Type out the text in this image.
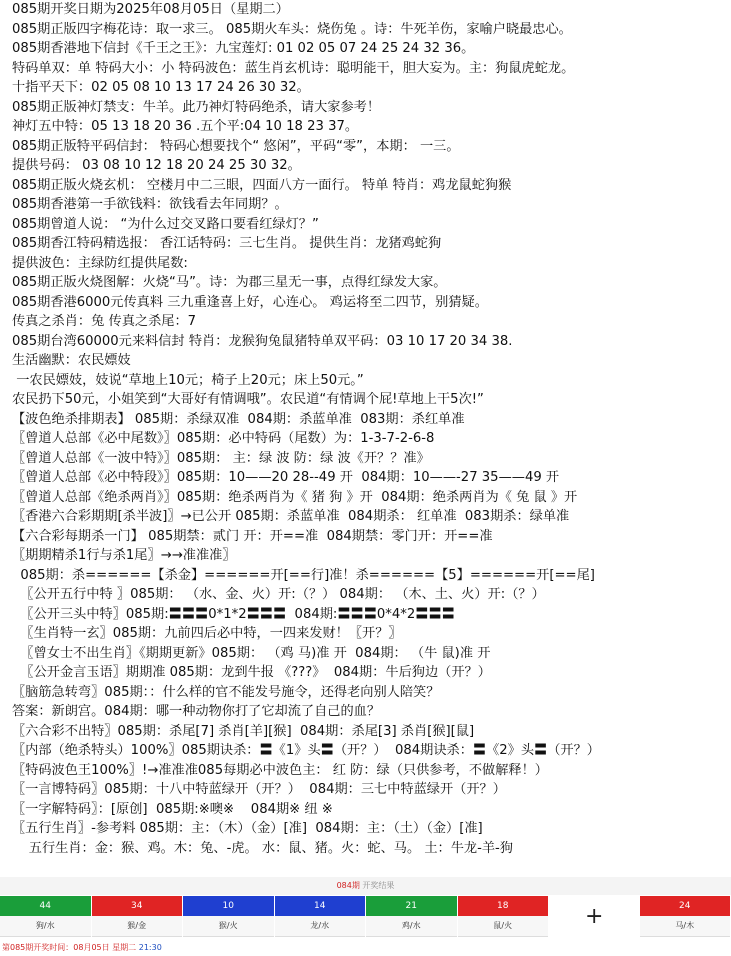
085期开奖日期为2025年08月05日（星期二）
085期正版四字梅花诗：取一求三。 085期火车头：烧伤兔 。诗：牛死羊伤，家喻户晓最忠心。
085期香港地下信封《千王之王》：九宝莲灯: 01 02 05 07 24 25 24 32 36。
特码单双：单 特码大小：小 特码波色：蓝生肖玄机诗：聪明能干，胆大妄为。主：狗鼠虎蛇龙。
十指平天下：02 05 08 10 13 17 24 26 30 32。
085期正版神灯禁支：牛羊。此乃神灯特码绝杀，请大家参考！
神灯五中特：05 13 18 20 36 .五个平:04 10 18 23 37。
085期正版特平码信封： 特码心想要找个“ 悠闲”，平码“零”，本期： 一三。
提供号码： 03 08 10 12 18 20 24 25 30 32。
085期正版火烧玄机： 空楼月中二三眼，四面八方一面行。 特单 特肖：鸡龙鼠蛇狗猴
085期香港第一手欲钱料：欲钱看去年同期？。
085期曾道人说： “为什么过交叉路口要看红绿灯？”
085期香江特码精选报： 香江话特码：三七生肖。 提供生肖：龙猪鸡蛇狗
提供波色：主绿防红提供尾数:
085期正版火烧图解：火烧“马”。诗：为郡三星无一事，点得红绿发大家。
085期香港6000元传真料 三九重逢喜上好，心连心。 鸡运将至二四节，别猜疑。
传真之杀肖：兔 传真之杀尾：7
085期台湾60000元来料信封 特肖：龙猴狗兔鼠猪特单双平码：03 10 17 20 34 38.
生活幽默：农民嫖妓
一农民嫖妓，妓说“草地上10元；椅子上20元；床上50元。”
农民扔下50元，小姐笑到“大哥好有情调哦”。农民道“有情调个屁!草地上干5次!”
【波色绝杀排期表】 085期：杀绿双准  084期：杀蓝单准  083期：杀红单准
〖曾道人总部《必中尾数》〗085期：必中特码（尾数）为：1-3-7-2-6-8
〖曾道人总部《一波中特》〗085期： 主：绿 波 防：绿 波《开？？准》
〖曾道人总部《必中特段》〗085期：10——20 28--49 开  084期：10——-27 35——49 开
〖曾道人总部《绝杀两肖》〗085期：绝杀两肖为《 猪 狗 》开  084期：绝杀两肖为《 兔 鼠 》开
〖香港六合彩期期[杀半波]〗→已公开 085期：杀蓝单准  084期杀： 红单准  083期杀：绿单准
【六合彩每期杀一门】 085期禁：贰门 开：开==准  084期禁：零门开：开==准
〖期期精杀1行与杀1尾〗→→准准准〗
085期：杀======【杀金】======开[==行]准！杀======【5】======开[==尾]
〖公开五行中特 〗085期： （水、金、火）开:（？） 084期： （木、土、火）开:（？）
〖公开三头中特〗085期:〓〓〓0*1*2〓〓〓  084期:〓〓〓0*4*2〓〓〓
〖生肖特一玄〗085期：九前四后必中特，一四来发财！〖开？〗
〖曾女士不出生肖〗《期期更新》085期： （鸡 马)准 开  084期： （牛 鼠)准 开
〖公开金言玉语〗期期准 085期：龙到牛报 《???》  084期：牛后狗边（开？）
〖脑筋急转弯〗085期：：什么样的官不能发号施令，还得老向别人陪笑？
答案：新朗宫。084期：哪一种动物你打了它却流了自己的血？
〖六合彩不出特〗085期：杀尾[7] 杀肖[羊][猴]  084期：杀尾[3] 杀肖[猴][鼠]
〖内部（绝杀特头）100%〗085期诀杀：〓《1》头〓（开？）  084期诀杀：〓《2》头〓（开？）
〖特码波色王100%〗!→准准准085每期必中波色主： 红 防：绿（只供参考，不做解释！）
〖一言博特码〗085期：十八中特蓝绿开（开？）  084期：三七中特蓝绿开（开？）
〖一字解特码〗：[原创]  085期:※噢※    084期※ 纽 ※
〖五行生肖〗-参考料 085期：主：（木）（金）[准]  084期：主：（土）（金）[准]
五行生肖：金：猴、鸡。木：兔、-虎。 水：鼠、猪。火：蛇、马。 土：牛龙-羊-狗
084期 开奖结果
44
狗/水
34
猴/金
10
猴/火
14
龙/水
21
鸡/水
18
鼠/火	+	24
马/木
第085期开奖时间：08月05日 星期二 21:30
